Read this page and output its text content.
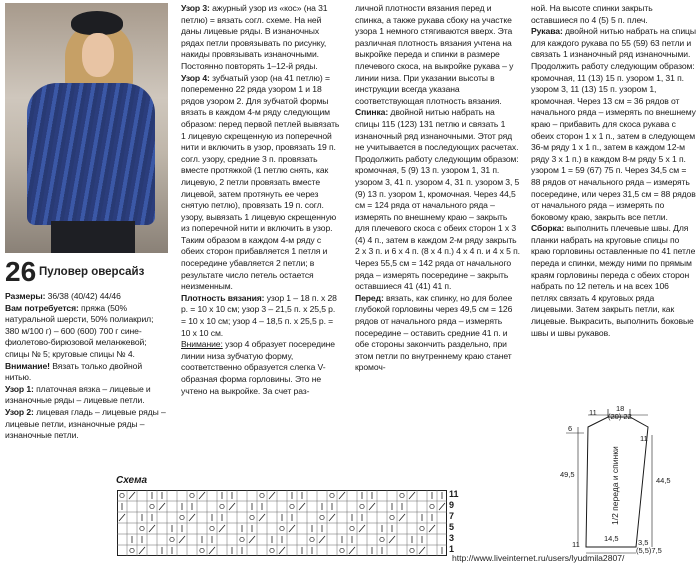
26 Пуловер оверсайз

Размеры: 36/38 (40/42) 44/46

Вам потребуется: пряжа (50% натуральной шерсти, 50% полиакрил; 380 м/100 г) – 600 (600) 700 г сине-фиолетово-бирюзовой меланжевой; спицы № 5; круговые спицы № 4.

Внимание! Вязать только двойной нитью.

Узор 1: платочная вязка – лицевые и изнаночные ряды – лицевые петли.

Узор 2: лицевая гладь – лицевые ряды – лицевые петли, изнаночные ряды – изнаночные петли.

Узор 3: ажурный узор из «кос» (на 31 петлю) = вязать согл. схеме. На ней даны лицевые ряды. В изнаночных рядах петли провязывать по рисунку, накиды провязывать изнаночными. Постоянно повторять 1–12-й ряды.

Узор 4: зубчатый узор (на 41 петлю) = попеременно 22 ряда узором 1 и 18 рядов узором 2. Для зубчатой формы вязать в каждом 4-м ряду следующим образом: перед первой петлей вывязать 1 лицевую скрещенную из поперечной нити и включить в узор, провязать 19 п. согл. узору, средние 3 п. провязать вместе протяжкой (1 петлю снять, как лицевую, 2 петли провязать вместе лицевой, затем протянуть ее через снятую петлю), провязать 19 п. согл. узору, вывязать 1 лицевую скрещенную из поперечной нити и включить в узор. Таким образом в каждом 4-м ряду с обеих сторон прибавляется 1 петля и посередине убавляется 2 петли; в результате число петель остается неизменным.

Плотность вязания: узор 1 – 18 п. x 28 р. = 10 x 10 см; узор 3 – 21,5 п. x 25,5 р. = 10 x 10 см; узор 4 – 18,5 п. x 25,5 р. = 10 x 10 см.

Внимание: узор 4 образует посередине линии низа зубчатую форму, соответственно образуется слегка V-образная форма горловины. Это не учтено на выкройке. За счет раз-

личной плотности вязания перед и спинка, а также рукава сбоку на участке узора 1 немного стягиваются вверх. Эта различная плотность вязания учтена на выкройке переда и спинки в размере плечевого скоса, на выкройке рукава – у линии низа. При указании высоты в инструкции всегда указана соответствующая плотность вязания.

Спинка: двойной нитью набрать на спицы 115 (123) 131 петлю и связать 1 изнаночный ряд изнаночными. Этот ряд не учитывается в последующих расчетах. Продолжить работу следующим образом: кромочная, 5 (9) 13 п. узором 1, 31 п. узором 3, 41 п. узором 4, 31 п. узором 3, 5 (9) 13 п. узором 1, кромочная. Через 44,5 см = 124 ряда от начального ряда – измерять по внешнему краю – закрыть для плечевого скоса с обеих сторон 1 x 3 (4) 4 п., затем в каждом 2-м ряду закрыть 2 x 3 п. и 6 x 4 п. (8 x 4 п.) 4 x 4 п. и 4 x 5 п. Через 55,5 см = 142 ряда от начального ряда – измерять посередине – закрыть оставшиеся 41 (41) 41 п.

Перед: вязать, как спинку, но для более глубокой горловины через 49,5 см = 126 рядов от начального ряда – измерять посередине – оставить средние 41 п. и обе стороны закончить раздельно, при этом петли по внутреннему краю станет кромоч-

ной. На высоте спинки закрыть оставшиеся по 4 (5) 5 п. плеч.

Рукава: двойной нитью набрать на спицы для каждого рукава по 55 (59) 63 петли и связать 1 изнаночный ряд изнаночными. Продолжить работу следующим образом: кромочная, 11 (13) 15 п. узором 1, 31 п. узором 3, 11 (13) 15 п. узором 1, кромочная. Через 13 см = 36 рядов от начального ряда – измерять по внешнему краю – прибавить для скоса рукава с обеих сторон 1 x 1 п., затем в следующем 36-м ряду 1 x 1 п., затем в каждом 12-м ряду 3 x 1 п.) в каждом 8-м ряду 5 x 1 п. узором 1 = 59 (67) 75 п. Через 34,5 см = 88 рядов от начального ряда – измерять посередине, или через 31,5 см = 88 рядов от начального ряда – измерять по боковому краю, закрыть все петли.

Сборка: выполнить плечевые швы. Для планки набрать на круговые спицы по краю горловины оставленные по 41 петле переда и спинки, между ними по прямым краям горловины переда с обеих сторон набрать по 12 петель и на всех 106 петлях связать 4 круговых ряда лицевыми. Затем закрыть петли, как лицевые. Выкрасить, выполнить боковые швы и швы рукавов.

11	18
(20) 22
11
6
49,5
44,5
1/2 переда и спинки
11
14,5	3,5
(5,5)7,5
Схема
11
9
7
5
3
1
http://www.liveinternet.ru/users/lyudmila2807/
